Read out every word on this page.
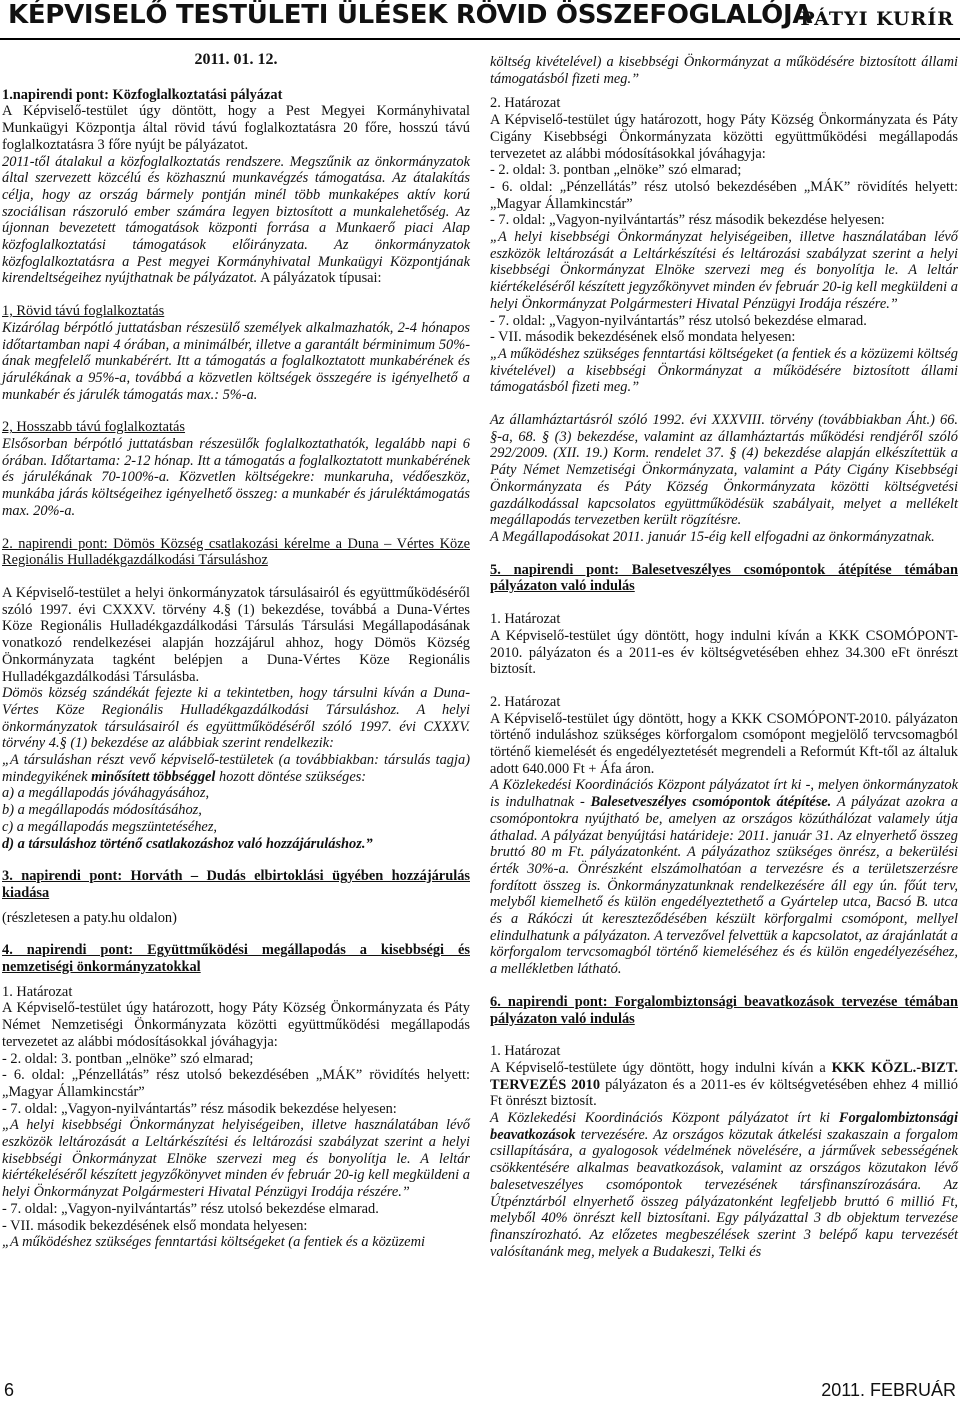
KÉPVISELŐ TESTÜLETI ÜLÉSEK RÖVID ÖSSZEFOGLALÓJA
PÁTYI KURÍR
2011. 01. 12.

1.napirendi pont: Közfoglalkoztatási pályázat

A Képviselő-testület úgy döntött, hogy a Pest Megyei Kormányhivatal Munkaügyi Központja által rövid távú foglalkoztatásra 20 főre, hosszú távú foglalkoztatásra 3 főre nyújt be pályázatot.

2011-től átalakul a közfoglalkoztatás rendszere. Megszűnik az önkormányzatok által szervezett közcélú és közhasznú munkavégzés támogatása. Az átalakítás célja, hogy az ország bármely pontján minél több munkaképes aktív korú szociálisan rászoruló ember számára legyen biztosított a munkalehetőség. Az újonnan bevezetett támogatások központi forrása a Munkaerő piaci Alap közfoglalkoztatási támogatások előirányzata. Az önkormányzatok közfoglalkoztatásra a Pest megyei Kormányhivatal Munkaügyi Központjának kirendeltségeihez nyújthatnak be pályázatot. A pályázatok típusai:

1, Rövid távú foglalkoztatás

Kizárólag bérpótló juttatásban részesülő személyek alkalmazhatók, 2-4 hónapos időtartamban napi 4 órában, a minimálbér, illetve a garantált bérminimum 50%-ának megfelelő munkabérért. Itt a támogatás a foglalkoztatott munkabérének és járulékának a 95%-a, továbbá a közvetlen költségek összegére is igényelhető a munkabér és járulék támogatás max.: 5%-a.

2, Hosszabb távú foglalkoztatás

Elsősorban bérpótló juttatásban részesülők foglalkoztathatók, legalább napi 6 órában. Időtartama: 2-12 hónap. Itt a támogatás a foglalkoztatott munkabérének és járulékának 70-100%-a. Közvetlen költségekre: munkaruha, védőeszköz, munkába járás költségeihez igényelhető összeg: a munkabér és járuléktámogatás max. 20%-a.

2. napirendi pont: Dömös Község csatlakozási kérelme a Duna – Vértes Köze Regionális Hulladékgazdálkodási Társuláshoz

A Képviselő-testület a helyi önkormányzatok társulásairól és együttműködéséről szóló 1997. évi CXXXV. törvény 4.§ (1) bekezdése, továbbá a Duna-Vértes Köze Regionális Hulladékgazdálkodási Társulás Társulási Megállapodásának vonatkozó rendelkezései alapján hozzájárul ahhoz, hogy Dömös Község Önkormányzata tagként belépjen a Duna-Vértes Köze Regionális Hulladékgazdálkodási Társulásba.

Dömös község szándékát fejezte ki a tekintetben, hogy társulni kíván a Duna-Vértes Köze Regionális Hulladékgazdálkodási Társuláshoz. A helyi önkormányzatok társulásairól és együttműködéséről szóló 1997. évi CXXXV. törvény 4.§ (1) bekezdése az alábbiak szerint rendelkezik:

„A társuláshan részt vevő képviselő-testületek (a továbbiakban: társulás tagja) mindegyikének minősített többséggel hozott döntése szükséges:

a) a megállapodás jóváhagyásához,

b) a megállapodás módosításához,

c) a megállapodás megszüntetéséhez,

d) a társuláshoz történő csatlakozáshoz való hozzájáruláshoz.”

3. napirendi pont: Horváth – Dudás elbirtoklási ügyében hozzájárulás kiadása

(részletesen a paty.hu oldalon)

4. napirendi pont: Együttműködési megállapodás a kisebbségi és nemzetiségi önkormányzatokkal

1. Határozat

A Képviselő-testület úgy határozott, hogy Páty Község Önkormányzata és Páty Német Nemzetiségi Önkormányzata közötti együttműködési megállapodás tervezetet az alábbi módosításokkal jóváhagyja:

- 2. oldal: 3. pontban „elnöke” szó elmarad;

- 6. oldal: „Pénzellátás” rész utolsó bekezdésében „MÁK” rövidítés helyett: „Magyar Államkincstár”

- 7. oldal: „Vagyon-nyilvántartás” rész második bekezdése helyesen:

„A helyi kisebbségi Önkormányzat helyiségeiben, illetve használatában lévő eszközök leltározását a Leltárkészítési és leltározási szabályzat szerint a helyi kisebbségi Önkormányzat Elnöke szervezi meg és bonyolítja le. A leltár kiértékeléséről készített jegyzőkönyvet minden év február 20-ig kell megküldeni a helyi Önkormányzat Polgármesteri Hivatal Pénzügyi Irodája részére.”

- 7. oldal: „Vagyon-nyilvántartás” rész utolsó bekezdése elmarad.

- VII. második bekezdésének első mondata helyesen:

„A működéshez szükséges fenntartási költségeket (a fentiek és a közüzemi

költség kivételével) a kisebbségi Önkormányzat a működésére biztosított állami támogatásból fizeti meg.”

2. Határozat

A Képviselő-testület úgy határozott, hogy Páty Község Önkormányzata és Páty Cigány Kisebbségi Önkormányzata közötti együttműködési megállapodás tervezetet az alábbi módosításokkal jóváhagyja:

- 2. oldal: 3. pontban „elnöke” szó elmarad;

- 6. oldal: „Pénzellátás” rész utolsó bekezdésében „MÁK” rövidítés helyett: „Magyar Államkincstár”

- 7. oldal: „Vagyon-nyilvántartás” rész második bekezdése helyesen:

„A helyi kisebbségi Önkormányzat helyiségeiben, illetve használatában lévő eszközök leltározását a Leltárkészítési és leltározási szabályzat szerint a helyi kisebbségi Önkormányzat Elnöke szervezi meg és bonyolítja le. A leltár kiértékeléséről készített jegyzőkönyvet minden év február 20-ig kell megküldeni a helyi Önkormányzat Polgármesteri Hivatal Pénzügyi Irodája részére.”

- 7. oldal: „Vagyon-nyilvántartás” rész utolsó bekezdése elmarad.

- VII. második bekezdésének első mondata helyesen:

„A működéshez szükséges fenntartási költségeket (a fentiek és a közüzemi költség kivételével) a kisebbségi Önkormányzat a működésére biztosított állami támogatásból fizeti meg.”

Az államháztartásról szóló 1992. évi XXXVIII. törvény (továbbiakban Áht.) 66. §-a, 68. § (3) bekezdése, valamint az államháztartás működési rendjéről szóló 292/2009. (XII. 19.) Korm. rendelet 37. § (4) bekezdése alapján elkészítettük a Páty Német Nemzetiségi Önkormányzata, valamint a Páty Cigány Kisebbségi Önkormányzata és Páty Község Önkormányzata közötti költségvetési gazdálkodással kapcsolatos együttműködésük szabályait, melyet a mellékelt megállapodás tervezetben került rögzítésre.

A Megállapodásokat 2011. január 15-éig kell elfogadni az önkormányzatnak.

5. napirendi pont: Balesetveszélyes csomópontok átépítése témában pályázaton való indulás

1. Határozat

A Képviselő-testület úgy döntött, hogy indulni kíván a KKK CSOMÓPONT-2010. pályázaton és a 2011-es év költségvetésében ehhez 34.300 eFt önrészt biztosít.

2. Határozat

A Képviselő-testület úgy döntött, hogy a KKK CSOMÓPONT-2010. pályázaton történő induláshoz szükséges körforgalom csomópont megjelölő tervcsomagból történő kiemelését és engedélyeztetését megrendeli a Reformút Kft-től az általuk adott 640.000 Ft + Áfa áron.

A Közlekedési Koordinációs Központ pályázatot írt ki -, melyen önkormányzatok is indulhatnak - Balesetveszélyes csomópontok átépítése. A pályázat azokra a csomópontokra nyújtható be, amelyen az országos közúthálózat valamely útja áthalad. A pályázat benyújtási határideje: 2011. január 31. Az elnyerhető összeg bruttó 80 m Ft. pályázatonként. A pályázathoz szükséges önrész, a bekerülési érték 30%-a. Önrészként elszámolhatóan a tervezésre és a területszerzésre fordított összeg is. Önkormányzatunknak rendelkezésére áll egy ún. főút terv, melyből kiemelhető és külön engedélyeztethető a Gyártelep utca, Bacsó B. utca és a Rákóczi út kereszteződésében készült körforgalmi csomópont, mellyel elindulhatunk a pályázaton. A tervezővel felvettük a kapcsolatot, az árajánlatát a körforgalom tervcsomagból történő kiemeléséhez és és külön engedélyezéséhez, a mellékletben látható.

6. napirendi pont: Forgalombiztonsági beavatkozások tervezése témában pályázaton való indulás

1. Határozat

A Képviselő-testülete úgy döntött, hogy indulni kíván a KKK KÖZL.-BIZT. TERVEZÉS 2010 pályázaton és a 2011-es év költségvetésében ehhez 4 millió Ft önrészt biztosít.

A Közlekedési Koordinációs Központ pályázatot írt ki Forgalombiztonsági beavatkozások tervezésére. Az országos közutak átkelési szakaszain a forgalom csillapítására, a gyalogosok védelmének növelésére, a járművek sebességének csökkentésére alkalmas beavatkozások, valamint az országos közutakon lévő balesetveszélyes csomópontok tervezésének társfinanszírozására. Az Útpénztárból elnyerhető összeg pályázatonként legfeljebb bruttó 6 millió Ft, melyből 40% önrészt kell biztosítani. Egy pályázattal 3 db objektum tervezése finanszírozható. Az előzetes megbeszélések szerint 3 belépő kapu tervezését valósítanánk meg, melyek a Budakeszi, Telki és

6	2011. FEBRUÁR
